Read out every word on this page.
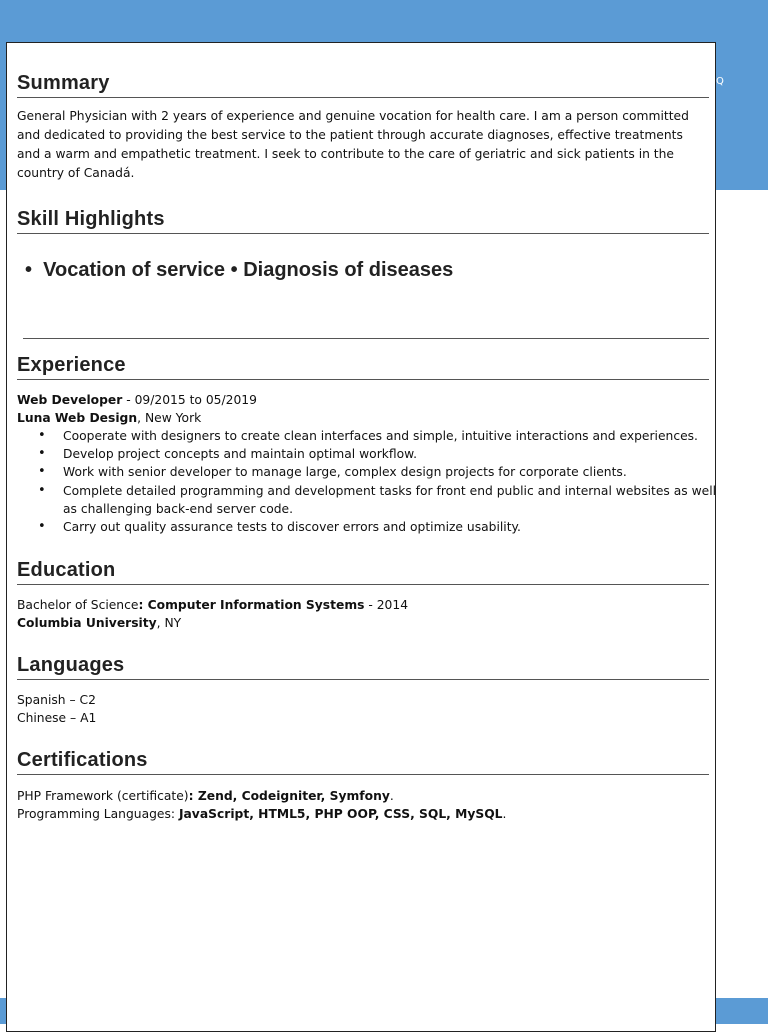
Q
Summary
General Physician with 2 years of experience and genuine vocation for health care. I am a person committed and dedicated to providing the best service to the patient through accurate diagnoses, effective treatments and a warm and empathetic treatment. I seek to contribute to the care of geriatric and sick patients in the country of Canadá.
Skill Highlights
• Vocation of service • Diagnosis of diseases
Experience
Web Developer - 09/2015 to 05/2019
Luna Web Design, New York
• Cooperate with designers to create clean interfaces and simple, intuitive interactions and experiences.
• Develop project concepts and maintain optimal workflow.
• Work with senior developer to manage large, complex design projects for corporate clients.
• Complete detailed programming and development tasks for front end public and internal websites as well as challenging back-end server code.
• Carry out quality assurance tests to discover errors and optimize usability.
Education
Bachelor of Science: Computer Information Systems - 2014
Columbia University, NY
Languages
Spanish – C2
Chinese – A1
Certifications
PHP Framework (certificate): Zend, Codeigniter, Symfony.
Programming Languages: JavaScript, HTML5, PHP OOP, CSS, SQL, MySQL.
